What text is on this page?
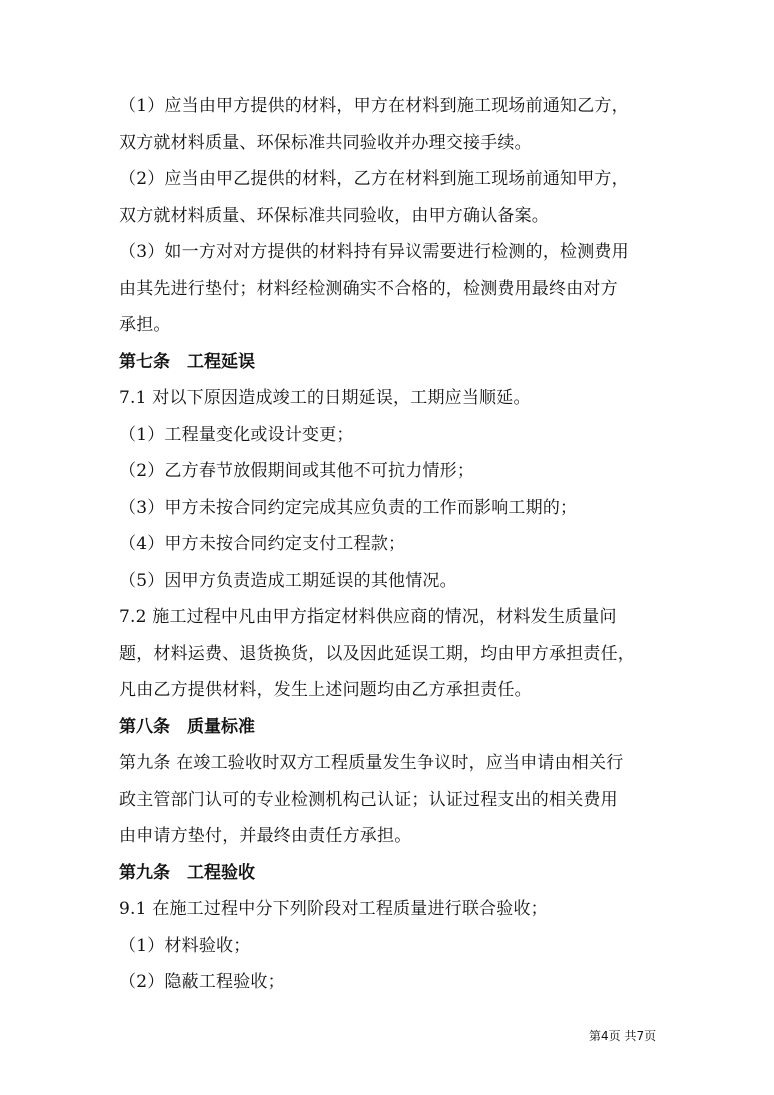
（1）应当由甲方提供的材料，甲方在材料到施工现场前通知乙方，
双方就材料质量、环保标准共同验收并办理交接手续。
（2）应当由甲乙提供的材料，乙方在材料到施工现场前通知甲方，
双方就材料质量、环保标准共同验收，由甲方确认备案。
（3）如一方对对方提供的材料持有异议需要进行检测的，检测费用
由其先进行垫付；材料经检测确实不合格的，检测费用最终由对方
承担。
第七条　工程延误
7.1 对以下原因造成竣工的日期延误，工期应当顺延。
（1）工程量变化或设计变更；
（2）乙方春节放假期间或其他不可抗力情形；
（3）甲方未按合同约定完成其应负责的工作而影响工期的；
（4）甲方未按合同约定支付工程款；
（5）因甲方负责造成工期延误的其他情况。
7.2 施工过程中凡由甲方指定材料供应商的情况，材料发生质量问
题，材料运费、退货换货，以及因此延误工期，均由甲方承担责任，
凡由乙方提供材料，发生上述问题均由乙方承担责任。
第八条　质量标准
第九条 在竣工验收时双方工程质量发生争议时，应当申请由相关行
政主管部门认可的专业检测机构己认证；认证过程支出的相关费用
由申请方垫付，并最终由责任方承担。
第九条　工程验收
9.1 在施工过程中分下列阶段对工程质量进行联合验收；
（1）材料验收；
（2）隐蔽工程验收；
第4页 共7页
